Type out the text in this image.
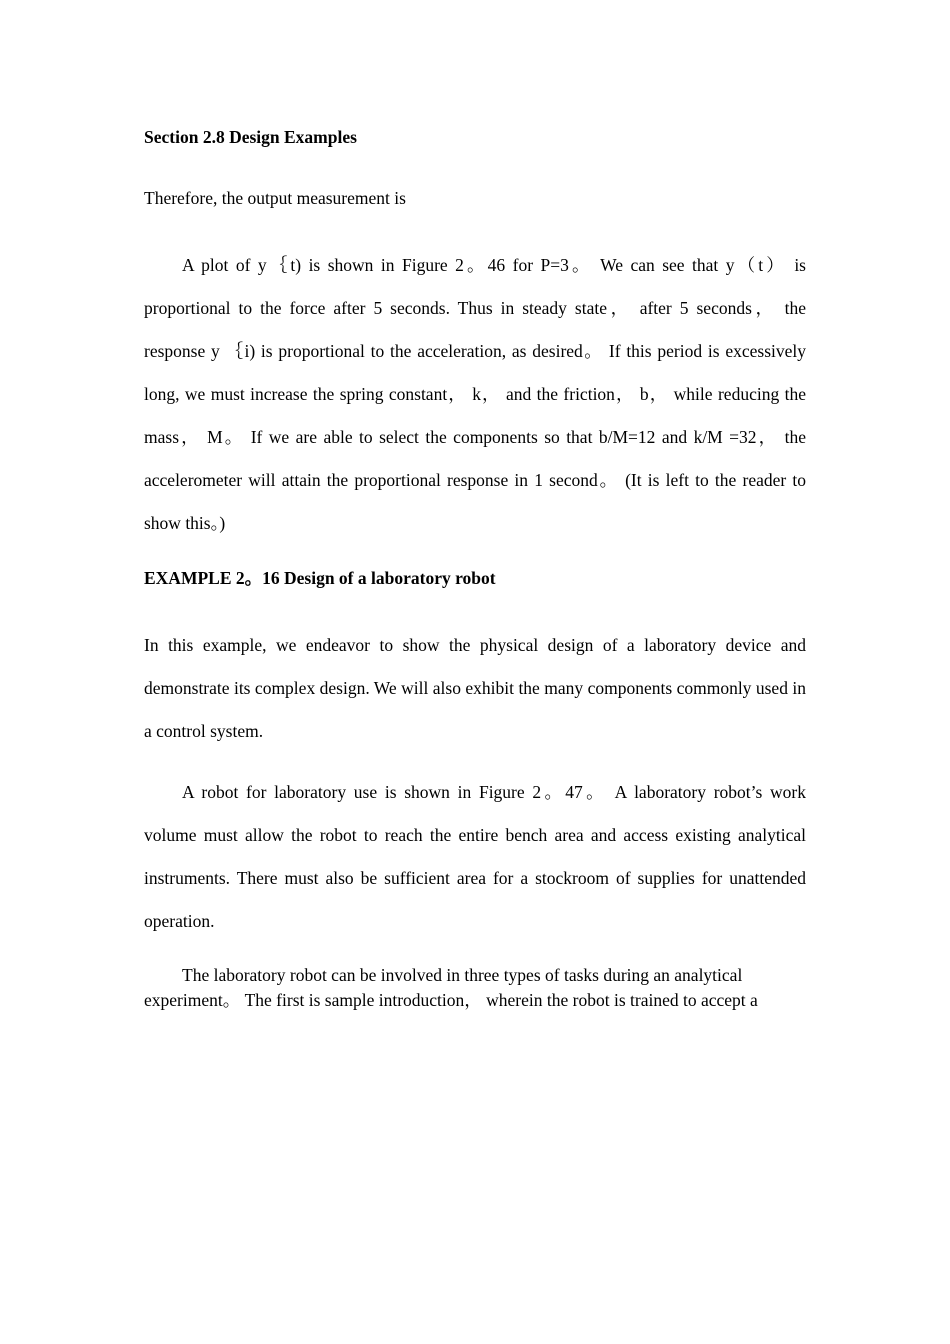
Section 2.8 Design Examples
Therefore, the output measurement is
A plot of y｛t) is shown in Figure 2。46 for P=3。 We can see that y（t） is proportional to the force after 5 seconds. Thus in steady state， after 5 seconds， the response y ｛i) is proportional to the acceleration, as desired。 If this period is excessively long, we must increase the spring constant， k， and the friction， b， while reducing the mass， M。 If we are able to select the components so that b/M=12 and k/M =32， the accelerometer will attain the proportional response in 1 second。 (It is left to the reader to show this。)
EXAMPLE 2。16 Design of a laboratory robot
In this example, we endeavor to show the physical design of a laboratory device and demonstrate its complex design. We will also exhibit the many components commonly used in a control system.
A robot for laboratory use is shown in Figure 2。47。 A laboratory robot’s work volume must allow the robot to reach the entire bench area and access existing analytical instruments. There must also be sufficient area for a stockroom of supplies for unattended operation.
The laboratory robot can be involved in three types of tasks during an analytical experiment。 The first is sample introduction， wherein the robot is trained to accept a
